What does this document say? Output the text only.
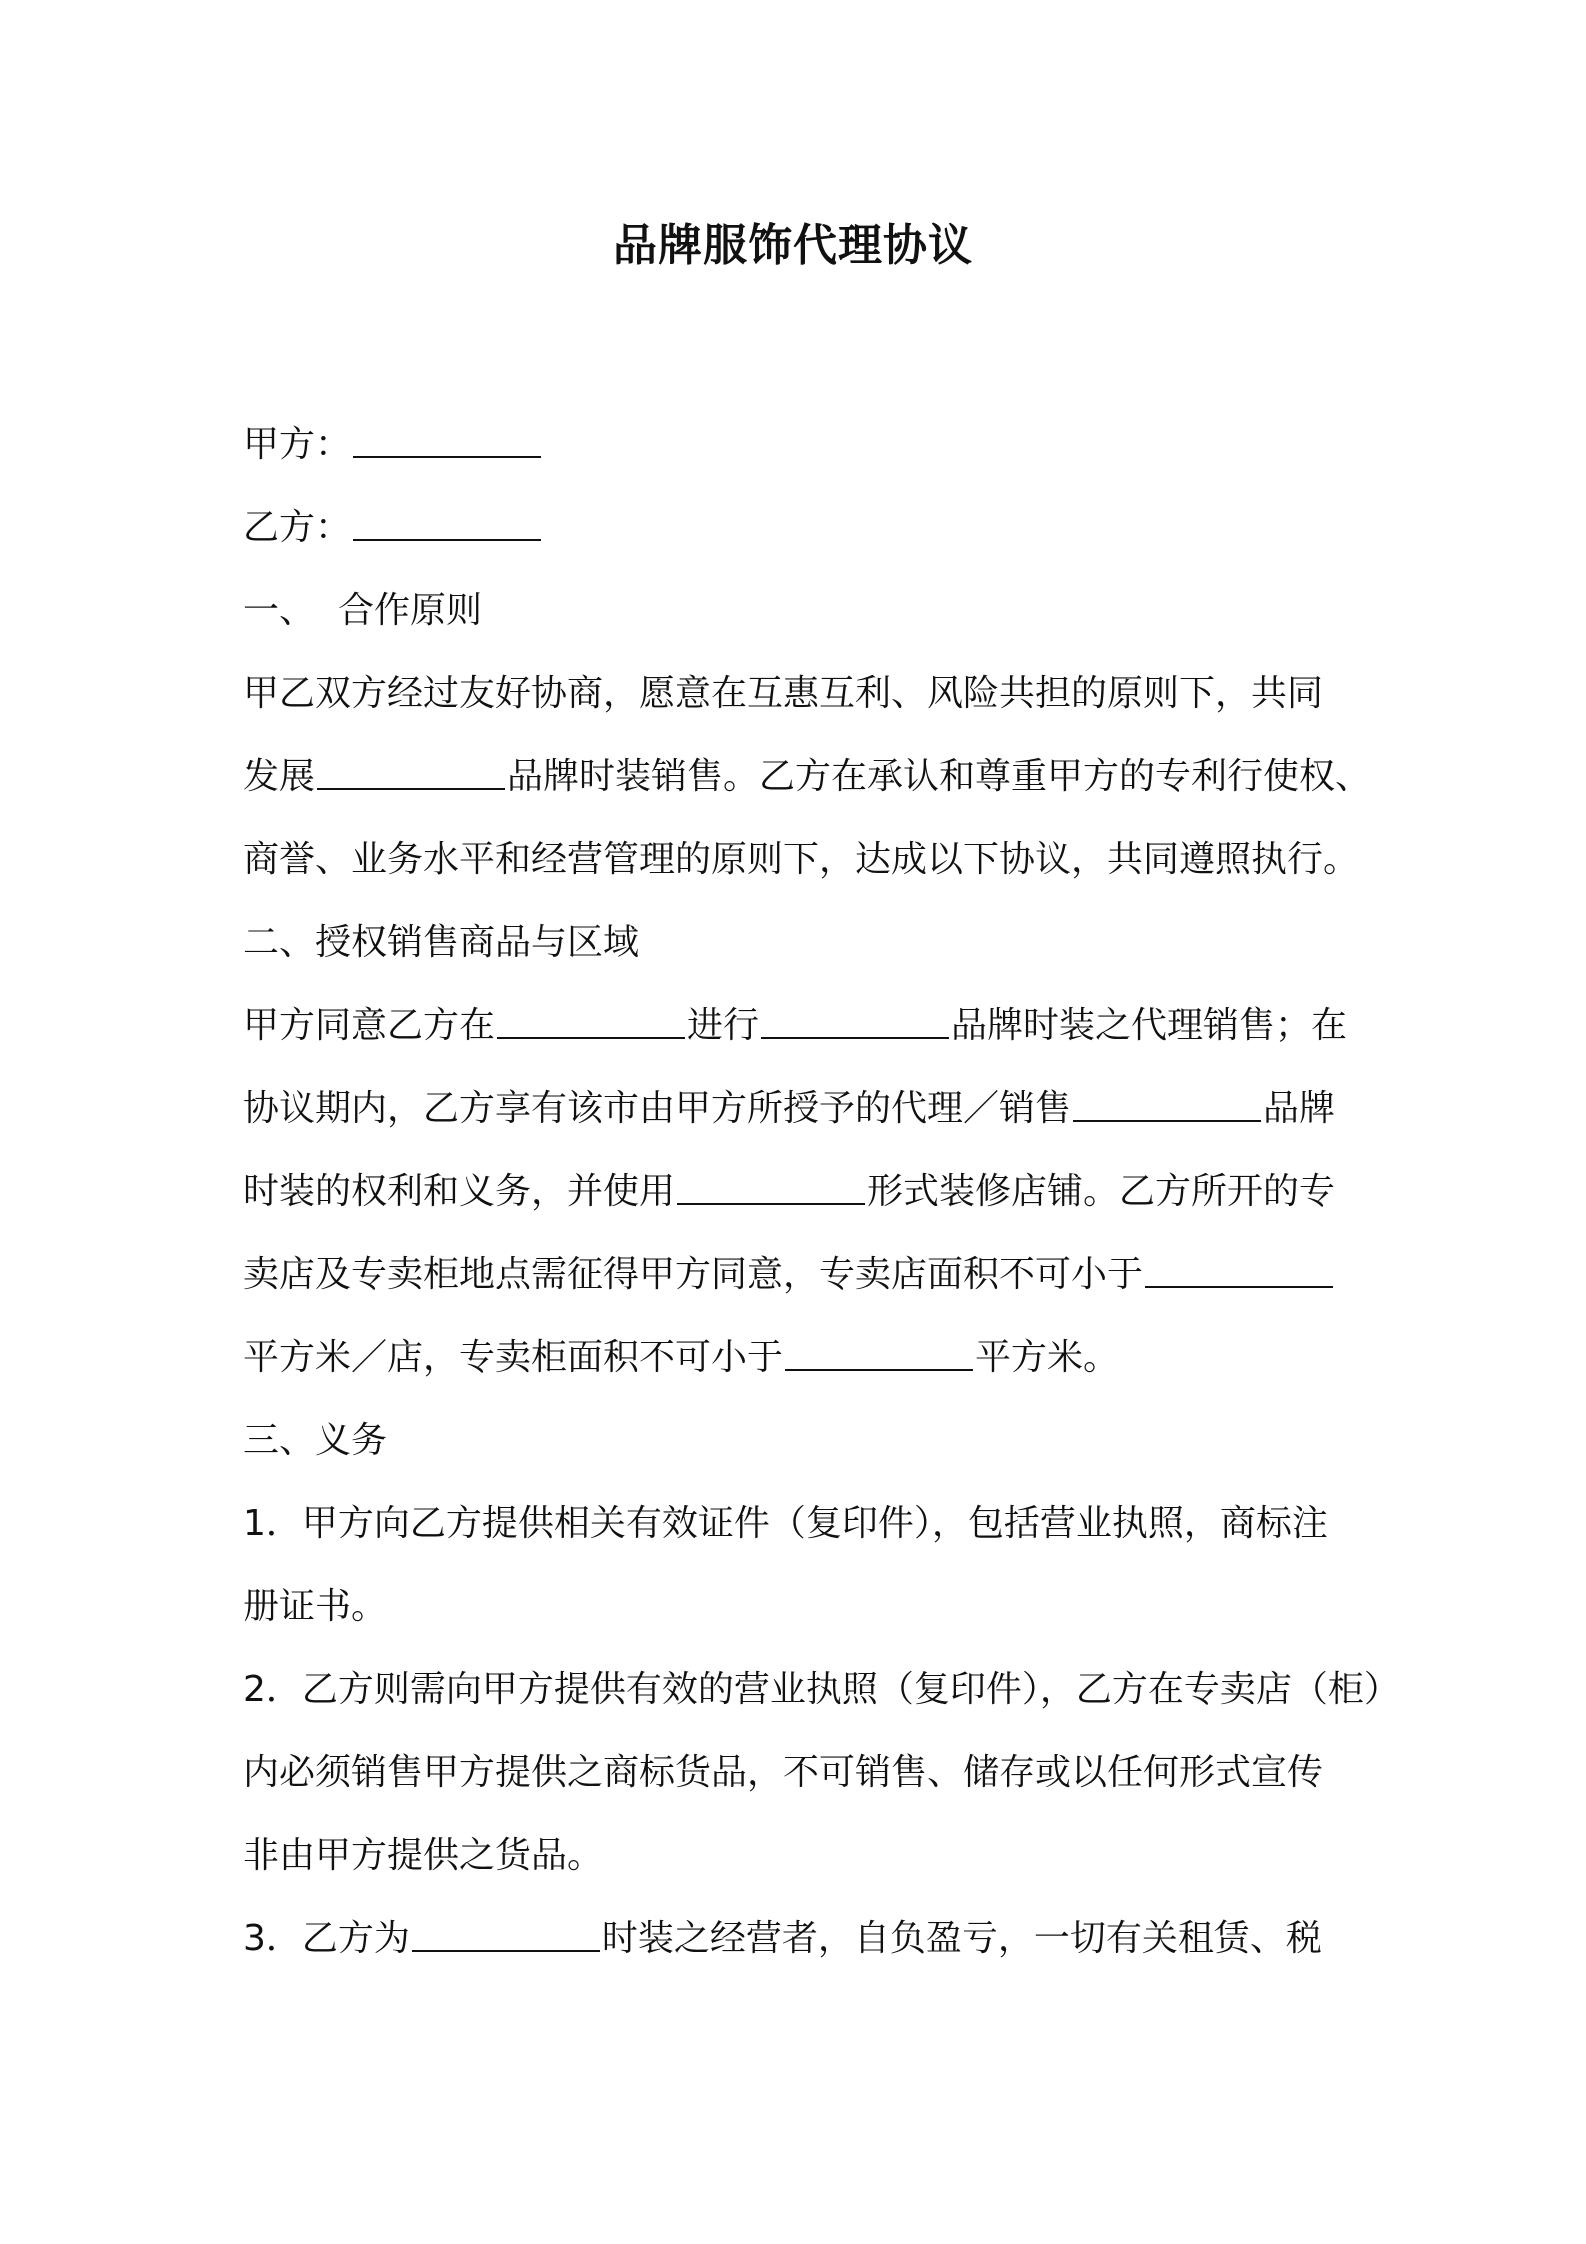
品牌服饰代理协议
甲方：
乙方：
一、 合作原则
甲乙双方经过友好协商，愿意在互惠互利、风险共担的原则下，共同
发展	品牌时装销售。乙方在承认和尊重甲方的专利行使权、
商誉、业务水平和经营管理的原则下，达成以下协议，共同遵照执行。
二、授权销售商品与区域
甲方同意乙方在	进行	品牌时装之代理销售；在
协议期内，乙方享有该市由甲方所授予的代理／销售	品牌
时装的权利和义务，并使用	形式装修店铺。乙方所开的专
卖店及专卖柜地点需征得甲方同意，专卖店面积不可小于
平方米／店，专卖柜面积不可小于	平方米。
三、义务
1．甲方向乙方提供相关有效证件（复印件），包括营业执照，商标注
册证书。
2．乙方则需向甲方提供有效的营业执照（复印件），乙方在专卖店（柜）
内必须销售甲方提供之商标货品，不可销售、储存或以任何形式宣传
非由甲方提供之货品。
3．乙方为	时装之经营者，自负盈亏，一切有关租赁、税
